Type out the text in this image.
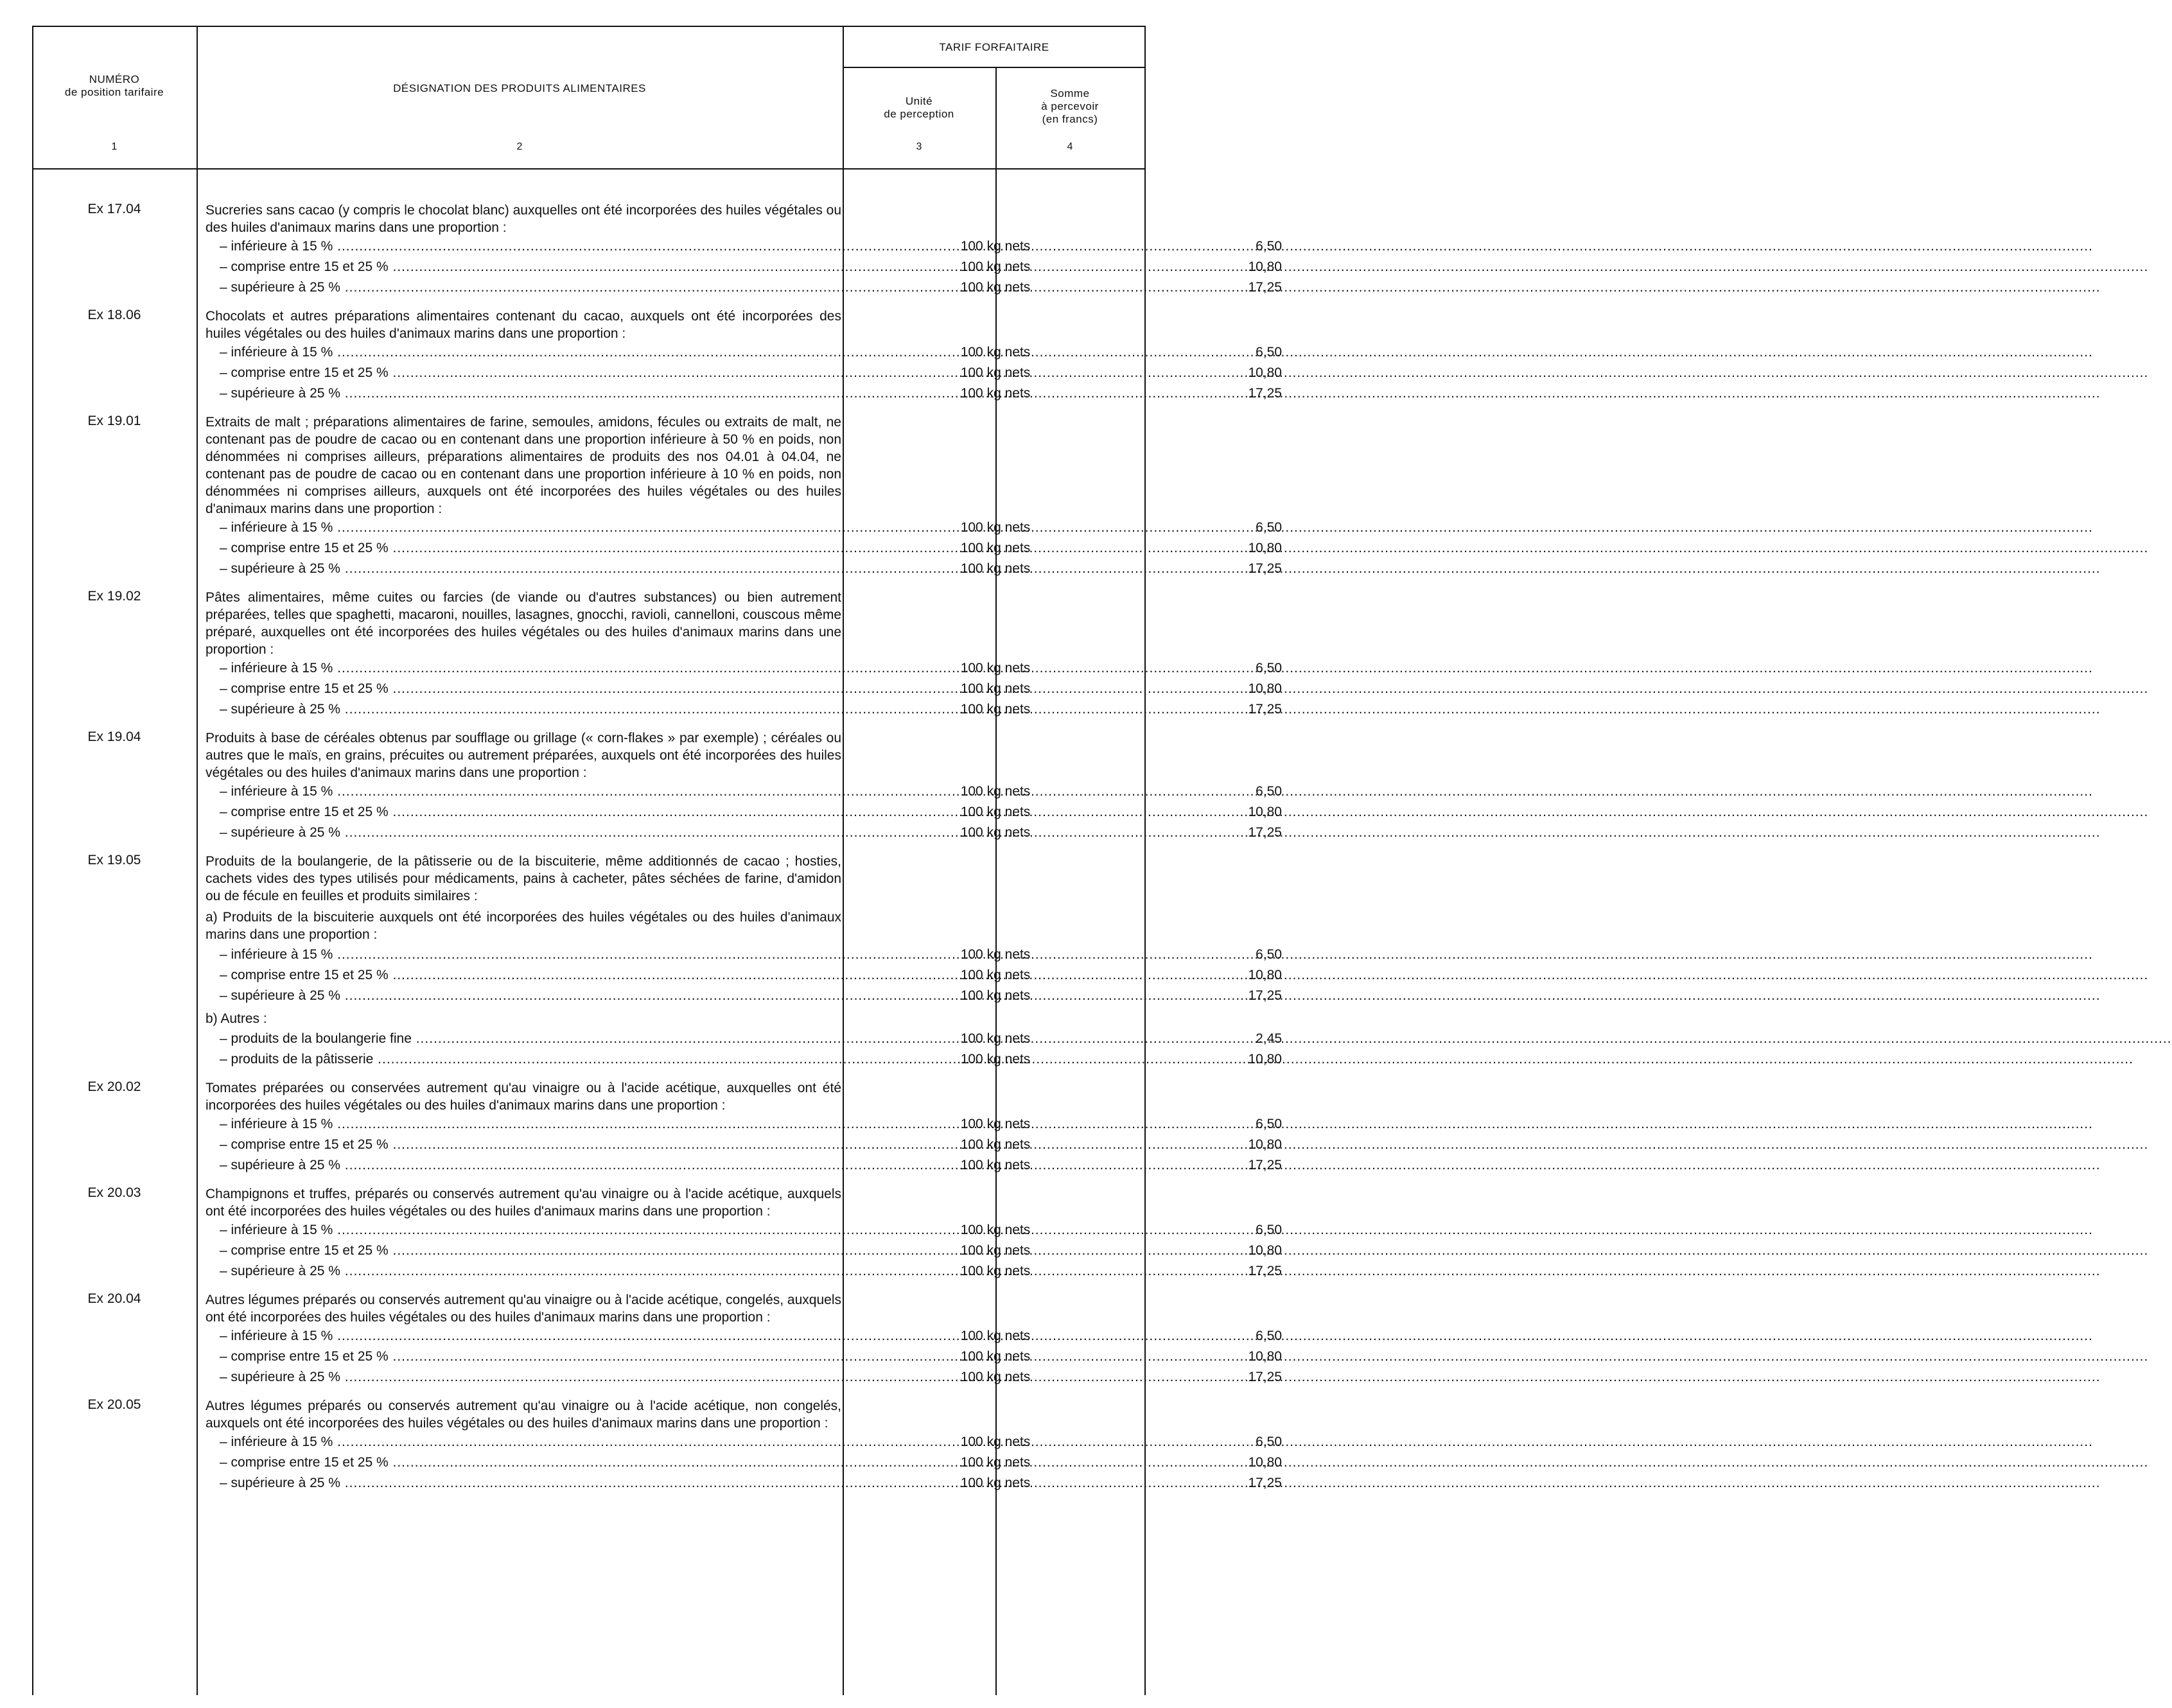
NUMÉRO
de position tarifaire	DÉSIGNATION DES PRODUITS ALIMENTAIRES
TARIF FORFAITAIRE
Unité
de perception
Somme
à percevoir
(en francs)
1	2	3	4
Ex 17.04	Sucreries sans cacao (y compris le chocolat blanc) auxquelles ont été incorporées des huiles végétales ou des huiles d'animaux marins dans une proportion :
– inférieure à 15 % .....	100 kg nets	6,50
– comprise entre 15 et 25 % .....	100 kg nets	10,80
– supérieure à 25 % .....	100 kg nets	17,25
Ex 18.06	Chocolats et autres préparations alimentaires contenant du cacao, auxquels ont été incorporées des huiles végétales ou des huiles d'animaux marins dans une proportion :
– inférieure à 15 % .....	100 kg nets	6,50
– comprise entre 15 et 25 % .....	100 kg nets	10,80
– supérieure à 25 % .....	100 kg nets	17,25
Ex 19.01	Extraits de malt ; préparations alimentaires de farine, semoules, amidons, fécules ou extraits de malt, ne contenant pas de poudre de cacao ou en contenant dans une proportion inférieure à 50 % en poids, non dénommées ni comprises ailleurs, préparations alimentaires de produits des nos 04.01 à 04.04, ne contenant pas de poudre de cacao ou en contenant dans une proportion inférieure à 10 % en poids, non dénommées ni comprises ailleurs, auxquels ont été incorporées des huiles végétales ou des huiles d'animaux marins dans une proportion :
– inférieure à 15 % .....	100 kg nets	6,50
– comprise entre 15 et 25 % .....	100 kg nets	10,80
– supérieure à 25 % .....	100 kg nets	17,25
Ex 19.02	Pâtes alimentaires, même cuites ou farcies (de viande ou d'autres substances) ou bien autrement préparées, telles que spaghetti, macaroni, nouilles, lasagnes, gnocchi, ravioli, cannelloni, couscous même préparé, auxquelles ont été incorporées des huiles végétales ou des huiles d'animaux marins dans une proportion :
– inférieure à 15 % .....	100 kg nets	6,50
– comprise entre 15 et 25 % .....	100 kg nets	10,80
– supérieure à 25 % .....	100 kg nets	17,25
Ex 19.04	Produits à base de céréales obtenus par soufflage ou grillage (« corn-flakes » par exemple) ; céréales ou autres que le maïs, en grains, précuites ou autrement préparées, auxquels ont été incorporées des huiles végétales ou des huiles d'animaux marins dans une proportion :
– inférieure à 15 % .....	100 kg nets	6,50
– comprise entre 15 et 25 % .....	100 kg nets	10,80
– supérieure à 25 % .....	100 kg nets	17,25
Ex 19.05	Produits de la boulangerie, de la pâtisserie ou de la biscuiterie, même additionnés de cacao ; hosties, cachets vides des types utilisés pour médicaments, pains à cacheter, pâtes séchées de farine, d'amidon ou de fécule en feuilles et produits similaires :
a) Produits de la biscuiterie auxquels ont été incorporées des huiles végétales ou des huiles d'animaux marins dans une proportion :
– inférieure à 15 % .....	100 kg nets	6,50
– comprise entre 15 et 25 % .....	100 kg nets	10,80
– supérieure à 25 % .....	100 kg nets	17,25
b) Autres :
– produits de la boulangerie fine .....	100 kg nets	2,45
– produits de la pâtisserie .....	100 kg nets	10,80
Ex 20.02	Tomates préparées ou conservées autrement qu'au vinaigre ou à l'acide acétique, auxquelles ont été incorporées des huiles végétales ou des huiles d'animaux marins dans une proportion :
– inférieure à 15 % .....	100 kg nets	6,50
– comprise entre 15 et 25 % .....	100 kg nets	10,80
– supérieure à 25 % .....	100 kg nets	17,25
Ex 20.03	Champignons et truffes, préparés ou conservés autrement qu'au vinaigre ou à l'acide acétique, auxquels ont été incorporées des huiles végétales ou des huiles d'animaux marins dans une proportion :
– inférieure à 15 % .....	100 kg nets	6,50
– comprise entre 15 et 25 % .....	100 kg nets	10,80
– supérieure à 25 % .....	100 kg nets	17,25
Ex 20.04	Autres légumes préparés ou conservés autrement qu'au vinaigre ou à l'acide acétique, congelés, auxquels ont été incorporées des huiles végétales ou des huiles d'animaux marins dans une proportion :
– inférieure à 15 % .....	100 kg nets	6,50
– comprise entre 15 et 25 % .....	100 kg nets	10,80
– supérieure à 25 % .....	100 kg nets	17,25
Ex 20.05	Autres légumes préparés ou conservés autrement qu'au vinaigre ou à l'acide acétique, non congelés, auxquels ont été incorporées des huiles végétales ou des huiles d'animaux marins dans une proportion :
– inférieure à 15 % .....	100 kg nets	6,50
– comprise entre 15 et 25 % .....	100 kg nets	10,80
– supérieure à 25 % .....	100 kg nets	17,25
